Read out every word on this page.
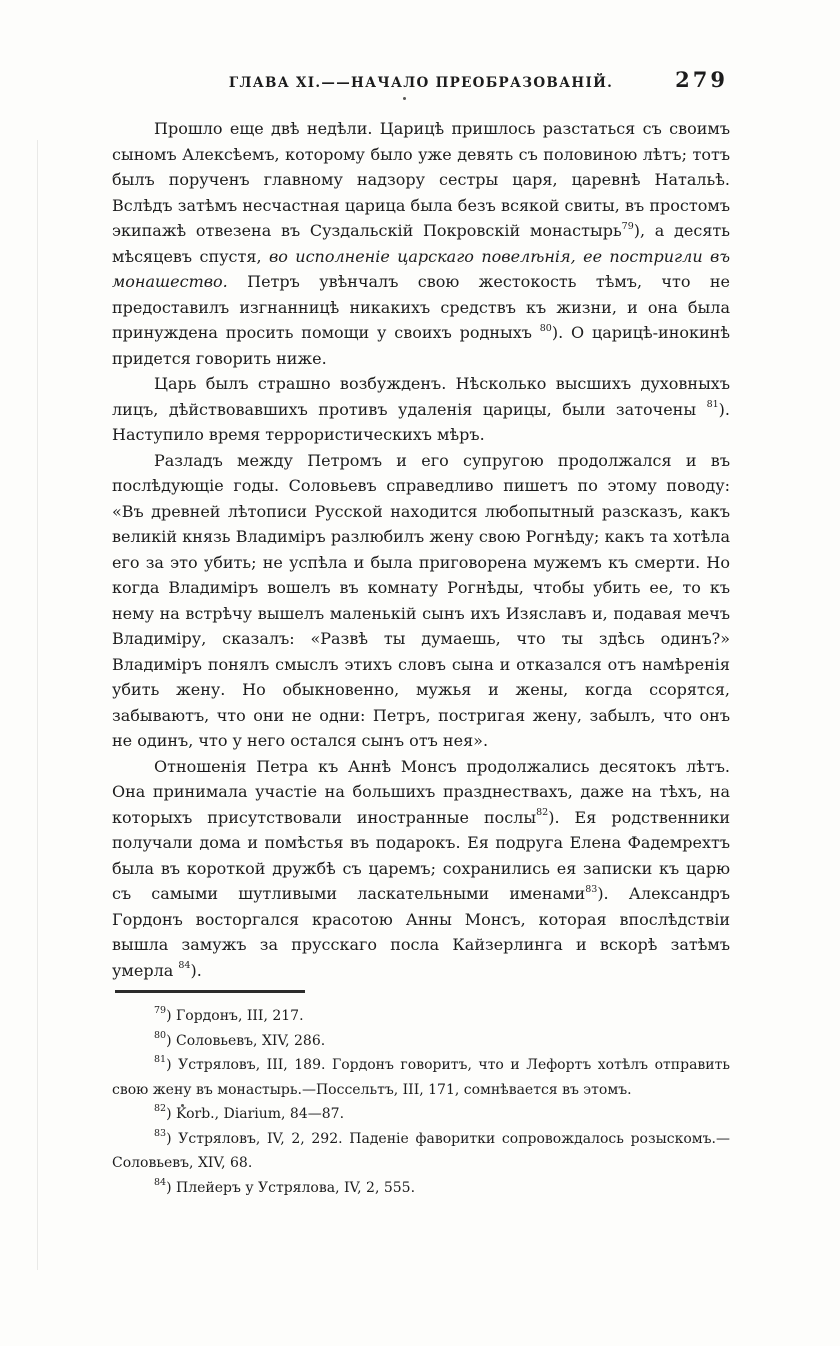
ГЛАВА XI.——НАЧАЛО ПРЕОБРАЗОВАНІЙ.	279

Прошло еще двѣ недѣли. Царицѣ пришлось разстаться съ своимъ сыномъ Алексѣемъ, которому было уже девять съ половиною лѣтъ; тотъ былъ порученъ главному надзору сестры царя, царевнѣ Натальѣ. Вслѣдъ затѣмъ несчастная царица была безъ всякой свиты, въ простомъ экипажѣ отвезена въ Суздальскій Покровскій монастырь$^{79}$), а десять мѣсяцевъ спустя, во исполненіе царскаго повелѣнія, ее постригли въ монашество. Петръ увѣнчалъ свою жестокость тѣмъ, что не предоставилъ изгнанницѣ никакихъ средствъ къ жизни, и она была принуждена просить помощи у своихъ родныхъ $^{80}$). О царицѣ-инокинѣ придется говорить ниже.

Царь былъ страшно возбужденъ. Нѣсколько высшихъ духовныхъ лицъ, дѣйствовавшихъ противъ удаленія царицы, были заточены $^{81}$). Наступило время террористическихъ мѣръ.

Разладъ между Петромъ и его супругою продолжался и въ послѣдующіе годы. Соловьевъ справедливо пишетъ по этому поводу: «Въ древней лѣтописи Русской находится любопытный разсказъ, какъ великій князь Владиміръ разлюбилъ жену свою Рогнѣду; какъ та хотѣла его за это убить; не успѣла и была приговорена мужемъ къ смерти. Но когда Владиміръ вошелъ въ комнату Рогнѣды, чтобы убить ее, то къ нему на встрѣчу вышелъ маленькій сынъ ихъ Изяславъ и, подавая мечъ Владиміру, сказалъ: «Развѣ ты думаешь, что ты здѣсь одинъ?» Владиміръ понялъ смыслъ этихъ словъ сына и отказался отъ намѣренія убить жену. Но обыкновенно, мужья и жены, когда ссорятся, забываютъ, что они не одни: Петръ, постригая жену, забылъ, что онъ не одинъ, что у него остался сынъ отъ нея».

Отношенія Петра къ Аннѣ Монсъ продолжались десятокъ лѣтъ. Она принимала участіе на большихъ празднествахъ, даже на тѣхъ, на которыхъ присутствовали иностранные послы$^{82}$). Ея родственники получали дома и помѣстья въ подарокъ. Ея подруга Елена Фадемрехтъ была въ короткой дружбѣ съ царемъ; сохранились ея записки къ царю съ самыми шутливыми ласкательными именами$^{83}$). Александръ Гордонъ восторгался красотою Анны Монсъ, которая впослѣдствіи вышла замужъ за прусскаго посла Кайзерлинга и вскорѣ затѣмъ умерла $^{84}$).

$^{79}$) Гордонъ, III, 217.

$^{80}$) Соловьевъ, XIV, 286.

$^{81}$) Устряловъ, III, 189. Гордонъ говоритъ, что и Лефортъ хотѣлъ отправить свою жену въ монастырь.—Поссельтъ, III, 171, сомнѣвается въ этомъ.

$^{82}$) Korb., Diarium, 84—87.

$^{83}$) Устряловъ, IV, 2, 292. Паденіе фаворитки сопровождалось розыскомъ.—Соловьевъ, XIV, 68.

$^{84}$) Плейеръ у Устрялова, IV, 2, 555.
